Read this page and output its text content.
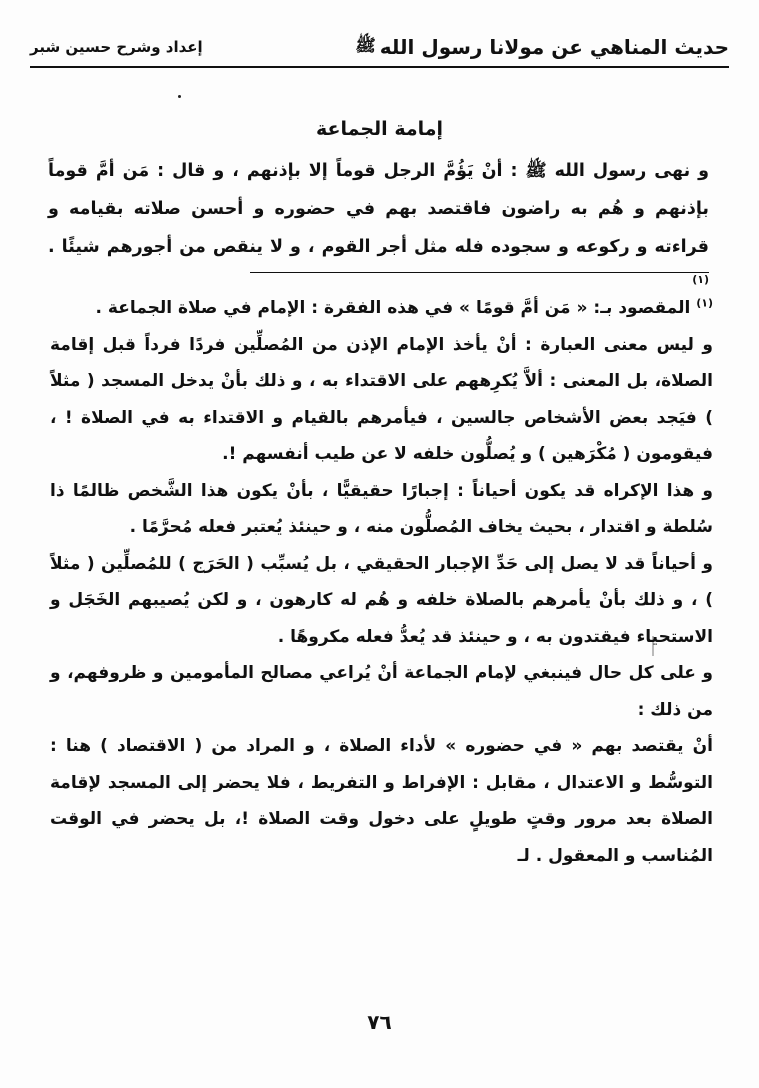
حديث المناهي عن مولانا رسول الله
ﷺ
إعداد وشرح حسين شبر
إمامة الجماعة

و نهى رسول الله ﷺ : أنْ يَؤُمَّ الرجل قوماً إلا بإذنهم ، و قال : مَن أمَّ قوماً بإذنهم و هُم به راضون فاقتصد بهم في حضوره و أحسن صلاته بقيامه و قراءته و ركوعه و سجوده فله مثل أجر القوم ، و لا ينقص من أجورهم شيئًا . $^{(١)}$

$^{(١)}$ المقصود بـ: « مَن أمَّ قومًا » في هذه الفقرة : الإمام في صلاة الجماعة .

و ليس معنى العبارة : أنْ يأخذ الإمام الإذن من المُصلِّين فردًا فرداً قبل إقامة الصلاة، بل المعنى : ألاَّ يُكرِههم على الاقتداء به ، و ذلك بأنْ يدخل المسجد ( مثلاً ) فيَجد بعض الأشخاص جالسين ، فيأمرهم بالقيام و الاقتداء به في الصلاة ! ، فيقومون ( مُكْرَهين ) و يُصلُّون خلفه لا عن طيب أنفسهم !.

و هذا الإكراه قد يكون أحياناً : إجبارًا حقيقيًّا ، بأنْ يكون هذا الشَّخص ظالمًا ذا سُلطة و اقتدار ، بحيث يخاف المُصلُّون منه ، و حينئذ يُعتبر فعله مُحرَّمًا .

و أحياناً قد لا يصل إلى حَدِّ الإجبار الحقيقي ، بل يُسبِّب ( الحَرَج ) للمُصلِّين ( مثلاً ) ، و ذلك بأنْ يأمرهم بالصلاة خلفه و هُم له كارهون ، و لكن يُصيبهم الخَجَل و الاستحياء فيقتدون به ، و حينئذ قد يُعدُّ فعله مكروهًا .

و على كل حال فينبغي لإمام الجماعة أنْ يُراعي مصالح المأمومين و ظروفهم، و من ذلك :

أنْ يقتصد بهم « في حضوره » لأداء الصلاة ، و المراد من ( الاقتصاد ) هنا : التوسُّط و الاعتدال ، مقابل : الإفراط و التفريط ، فلا يحضر إلى المسجد لإقامة الصلاة بعد مرور وقتٍ طويلٍ على دخول وقت الصلاة !، بل يحضر في الوقت المُناسب و المعقول . لـ

٧٦
